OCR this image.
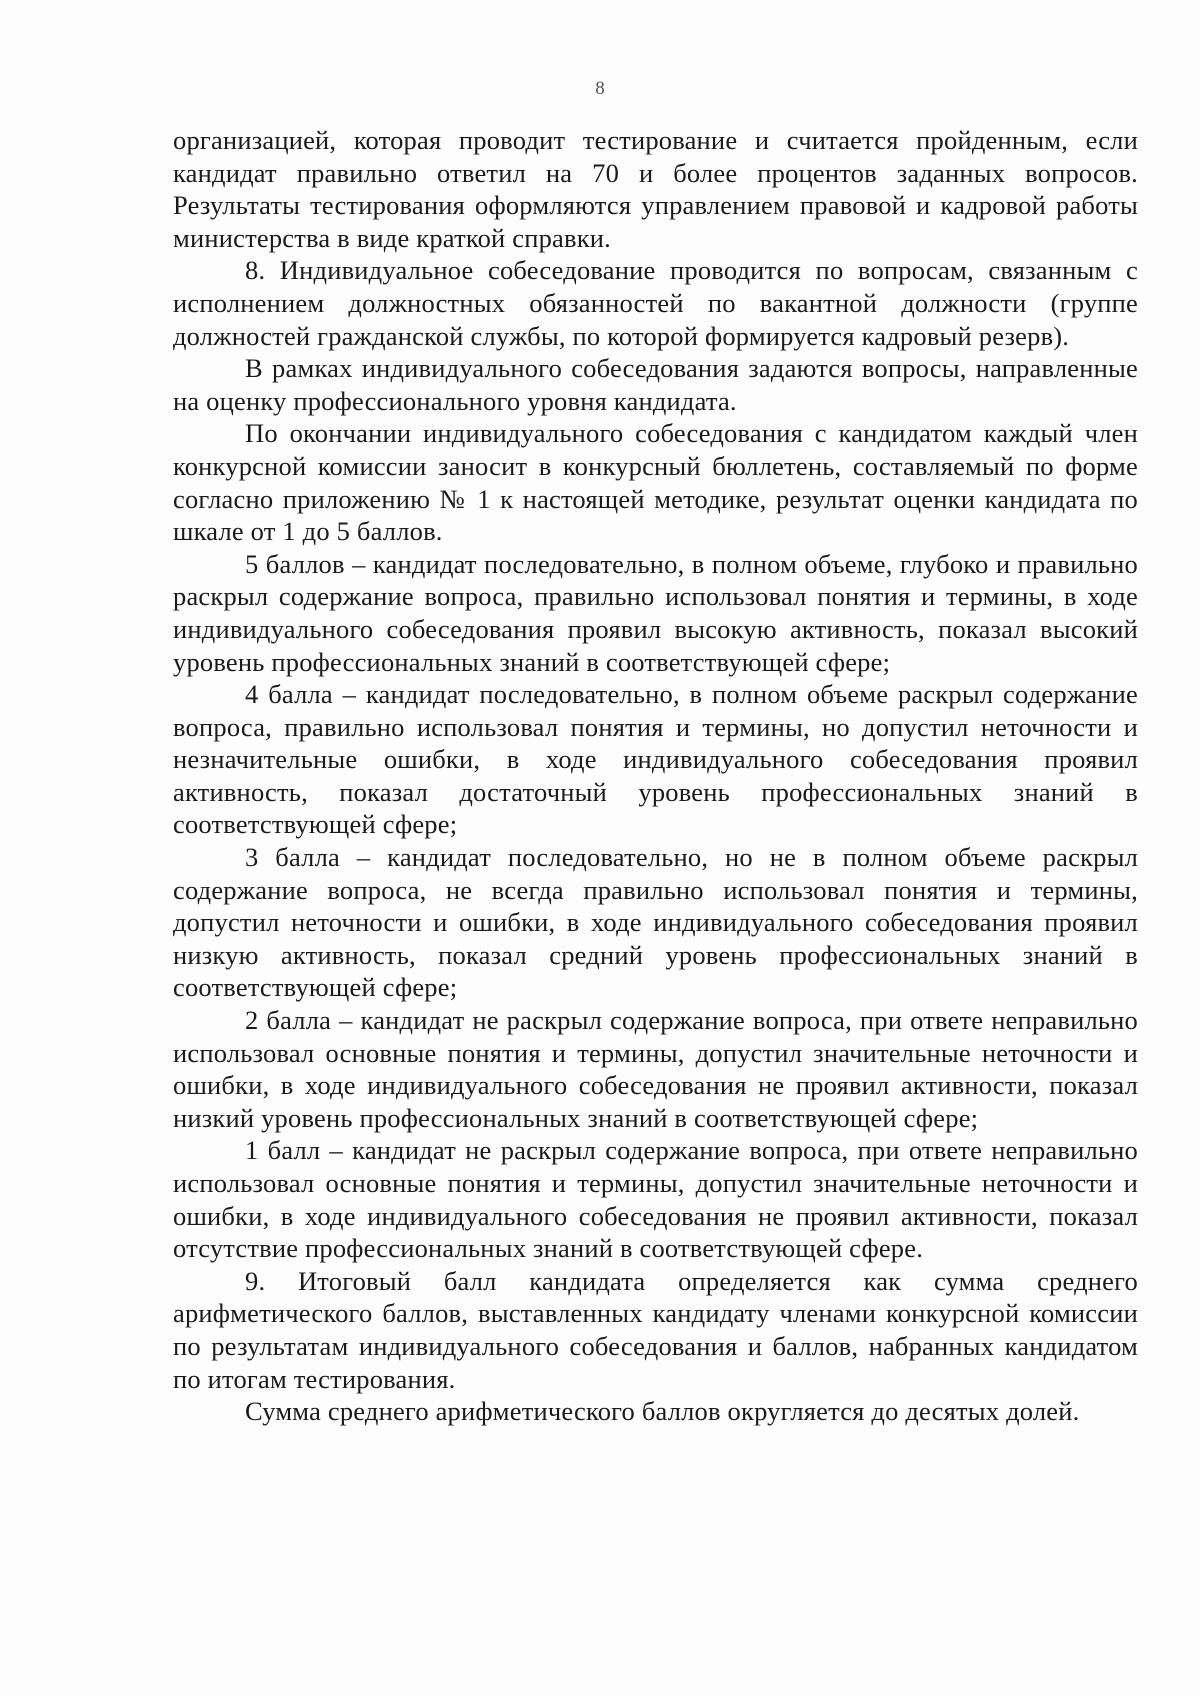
8

организацией, которая проводит тестирование и считается пройденным, если кандидат правильно ответил на 70 и более процентов заданных вопросов. Результаты тестирования оформляются управлением правовой и кадровой работы министерства в виде краткой справки.

8. Индивидуальное собеседование проводится по вопросам, связанным с исполнением должностных обязанностей по вакантной должности (группе должностей гражданской службы, по которой формируется кадровый резерв).

В рамках индивидуального собеседования задаются вопросы, направленные на оценку профессионального уровня кандидата.

По окончании индивидуального собеседования с кандидатом каждый член конкурсной комиссии заносит в конкурсный бюллетень, составляемый по форме согласно приложению № 1 к настоящей методике, результат оценки кандидата по шкале от 1 до 5 баллов.

5 баллов – кандидат последовательно, в полном объеме, глубоко и правильно раскрыл содержание вопроса, правильно использовал понятия и термины, в ходе индивидуального собеседования проявил высокую активность, показал высокий уровень профессиональных знаний в соответствующей сфере;

4 балла – кандидат последовательно, в полном объеме раскрыл содержание вопроса, правильно использовал понятия и термины, но допустил неточности и незначительные ошибки, в ходе индивидуального собеседования проявил активность, показал достаточный уровень профессиональных знаний в соответствующей сфере;

3 балла – кандидат последовательно, но не в полном объеме раскрыл содержание вопроса, не всегда правильно использовал понятия и термины, допустил неточности и ошибки, в ходе индивидуального собеседования проявил низкую активность, показал средний уровень профессиональных знаний в соответствующей сфере;

2 балла – кандидат не раскрыл содержание вопроса, при ответе неправильно использовал основные понятия и термины, допустил значительные неточности и ошибки, в ходе индивидуального собеседования не проявил активности, показал низкий уровень профессиональных знаний в соответствующей сфере;

1 балл – кандидат не раскрыл содержание вопроса, при ответе неправильно использовал основные понятия и термины, допустил значительные неточности и ошибки, в ходе индивидуального собеседования не проявил активности, показал отсутствие профессиональных знаний в соответствующей сфере.

9. Итоговый балл кандидата определяется как сумма среднего арифметического баллов, выставленных кандидату членами конкурсной комиссии по результатам индивидуального собеседования и баллов, набранных кандидатом по итогам тестирования.

Сумма среднего арифметического баллов округляется до десятых долей.
